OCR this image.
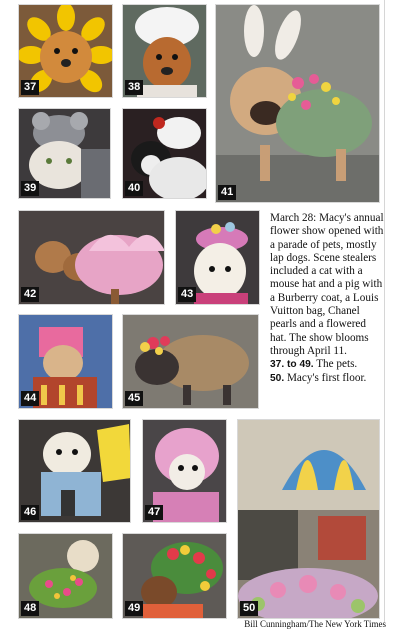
37	38
39	40	41
42	43
44	45
46	47
48	49	50

March 28: Macy's annual flower show opened with a parade of pets, mostly lap dogs. Scene stealers included a cat with a mouse hat and a pig with a Burberry coat, a Louis Vuitton bag, Chanel pearls and a flowered hat. The show blooms through April 11.

37. to 49. The pets.

50. Macy's first floor.

Bill Cunningham/The New York Times
